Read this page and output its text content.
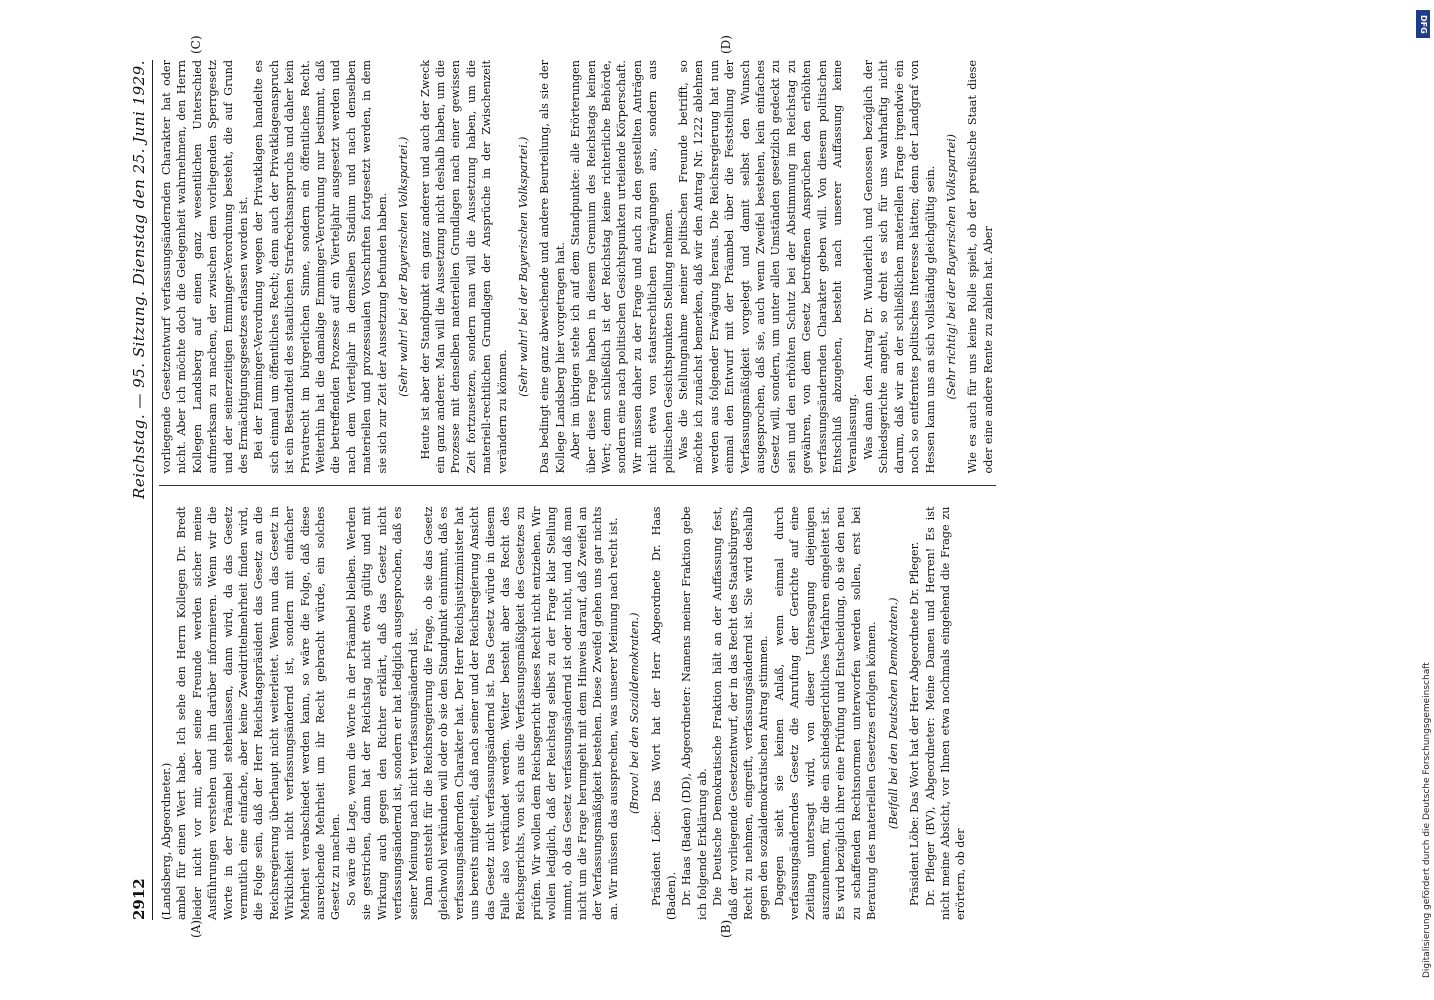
2912
Reichstag. — 95. Sitzung. Dienstag den 25. Juni 1929.

(Landsberg, Abgeordneter.) ambel für einen Wert habe. Ich sehe den Herrn Kollegen Dr. Bredt leider nicht vor mir, aber seine Freunde werden sicher meine Ausführungen verstehen und ihn darüber informieren. Wenn wir die Worte in der Präambel stehenlassen, dann wird, da das Gesetz vermutlich eine einfache, aber keine Zweidrittelmehrheit finden wird, die Folge sein, daß der Herr Reichstagspräsident das Gesetz an die Reichsregierung überhaupt nicht weiterleitet. Wenn nun das Gesetz in Wirklichkeit nicht verfassungsändernd ist, sondern mit einfacher Mehrheit verabschiedet werden kann, so wäre die Folge, daß diese ausreichende Mehrheit um ihr Recht gebracht würde, ein solches Gesetz zu machen. So wäre die Lage, wenn die Worte in der Präambel bleiben. Werden sie gestrichen, dann hat der Reichstag nicht etwa gültig und mit Wirkung auch gegen den Richter erklärt, daß das Gesetz nicht verfassungsändernd ist, sondern er hat lediglich ausgesprochen, daß es seiner Meinung nach nicht verfassungsändernd ist. Dann entsteht für die Reichsregierung die Frage, ob sie das Gesetz gleichwohl verkünden will oder ob sie den Standpunkt einnimmt, daß es verfassungsändernden Charakter hat. Der Herr Reichsjustizminister hat uns bereits mitgeteilt, daß nach seiner und der Reichsregierung Ansicht das Gesetz nicht verfassungsändernd ist. Das Gesetz würde in diesem Falle also verkündet werden. Weiter besteht aber das Recht des Reichsgerichts, von sich aus die Verfassungsmäßigkeit des Gesetzes zu prüfen. Wir wollen dem Reichsgericht dieses Recht nicht entziehen. Wir wollen lediglich, daß der Reichstag selbst zu der Frage klar Stellung nimmt, ob das Gesetz verfassungsändernd ist oder nicht, und daß man nicht um die Frage herumgeht mit dem Hinweis darauf, daß Zweifel an der Verfassungsmäßigkeit bestehen. Diese Zweifel gehen uns gar nichts an. Wir müssen das aussprechen, was unserer Meinung nach recht ist. (Bravo! bei den Sozialdemokraten.) Präsident Löbe: Das Wort hat der Herr Abgeordnete Dr. Haas (Baden). Dr. Haas (Baden) (DD), Abgeordneter: Namens meiner Fraktion gebe ich folgende Erklärung ab. Die Deutsche Demokratische Fraktion hält an der Auffassung fest, daß der vorliegende Gesetzentwurf, der in das Recht des Staatsbürgers, Recht zu nehmen, eingreift, verfassungsändernd ist. Sie wird deshalb gegen den sozialdemokratischen Antrag stimmen. Dagegen sieht sie keinen Anlaß, wenn einmal durch verfassungsänderndes Gesetz die Anrufung der Gerichte auf eine Zeitlang untersagt wird, von dieser Untersagung diejenigen auszunehmen, für die ein schiedsgerichtliches Verfahren eingeleitet ist. Es wird bezüglich ihrer eine Prüfung und Entscheidung, ob sie den neu zu schaffenden Rechtsnormen unterworfen werden sollen, erst bei Beratung des materiellen Gesetzes erfolgen können. (Beifall bei den Deutschen Demokraten.) Präsident Löbe: Das Wort hat der Herr Abgeordnete Dr. Pfleger. Dr. Pfleger (BV), Abgeordneter: Meine Damen und Herren! Es ist nicht meine Absicht, vor Ihnen etwa nochmals eingehend die Frage zu erörtern, ob der

vorliegende Gesetzentwurf verfassungsändernden Charakter hat oder nicht. Aber ich möchte doch die Gelegenheit wahrnehmen, den Herrn Kollegen Landsberg auf einen ganz wesentlichen Unterschied aufmerksam zu machen, der zwischen dem vorliegenden Sperrgesetz und der seinerzeitigen Emminger-Verordnung besteht, die auf Grund des Ermächtigungsgesetzes erlassen worden ist. Bei der Emminger-Verordnung wegen der Privatklagen handelte es sich einmal um öffentliches Recht; denn auch der Privatklageanspruch ist ein Bestandteil des staatlichen Strafrechtsanspruchs und daher kein Privatrecht im bürgerlichen Sinne, sondern ein öffentliches Recht. Weiterhin hat die damalige Emminger-Verordnung nur bestimmt, daß die betreffenden Prozesse auf ein Vierteljahr ausgesetzt werden und nach dem Vierteljahr in demselben Stadium und nach denselben materiellen und prozessualen Vorschriften fortgesetzt werden, in dem sie sich zur Zeit der Aussetzung befunden haben. (Sehr wahr! bei der Bayerischen Volkspartei.) Heute ist aber der Standpunkt ein ganz anderer und auch der Zweck ein ganz anderer. Man will die Aussetzung nicht deshalb haben, um die Prozesse mit denselben materiellen Grundlagen nach einer gewissen Zeit fortzusetzen, sondern man will die Aussetzung haben, um die materiell-rechtlichen Grundlagen der Ansprüche in der Zwischenzeit verändern zu können.

(Sehr wahr! bei der Bayerischen Volkspartei.) Das bedingt eine ganz abweichende und andere Beurteilung, als sie der Kollege Landsberg hier vorgetragen hat. Aber im übrigen stehe ich auf dem Standpunkte: alle Erörterungen über diese Frage haben in diesem Gremium des Reichstags keinen Wert; denn schließlich ist der Reichstag keine richterliche Behörde, sondern eine nach politischen Gesichtspunkten urteilende Körperschaft. Wir müssen daher zu der Frage und auch zu den gestellten Anträgen nicht etwa von staatsrechtlichen Erwägungen aus, sondern aus politischen Gesichtspunkten Stellung nehmen. Was die Stellungnahme meiner politischen Freunde betrifft, so möchte ich zunächst bemerken, daß wir den Antrag Nr. 1222 ablehnen werden aus folgender Erwägung heraus. Die Reichsregierung hat nun einmal den Entwurf mit der Präambel über die Feststellung der Verfassungsmäßigkeit vorgelegt und damit selbst den Wunsch ausgesprochen, daß sie, auch wenn Zweifel bestehen, kein einfaches Gesetz will, sondern, um unter allen Umständen gesetzlich gedeckt zu sein und den erhöhten Schutz bei der Abstimmung im Reichstag zu gewähren, von dem Gesetz betroffenen Ansprüchen den erhöhten verfassungsändernden Charakter geben will. Von diesem politischen Entschluß abzugehen, besteht nach unserer Auffassung keine Veranlassung. Was dann den Antrag Dr. Wunderlich und Genossen bezüglich der Schiedsgerichte angeht, so dreht es sich für uns wahrhaftig nicht darum, daß wir an der schließlichen materiellen Frage irgendwie ein noch so entferntes politisches Interesse hätten; denn der Landgraf von Hessen kann uns an sich vollständig gleichgültig sein. (Sehr richtig! bei der Bayerischen Volkspartei) Wie es auch für uns keine Rolle spielt, ob der preußische Staat diese oder eine andere Rente zu zahlen hat. Aber

(A)	(B)
(C)	(D)
Digitalisierung gefördert durch die Deutsche Forschungsgemeinschaft
DFG
